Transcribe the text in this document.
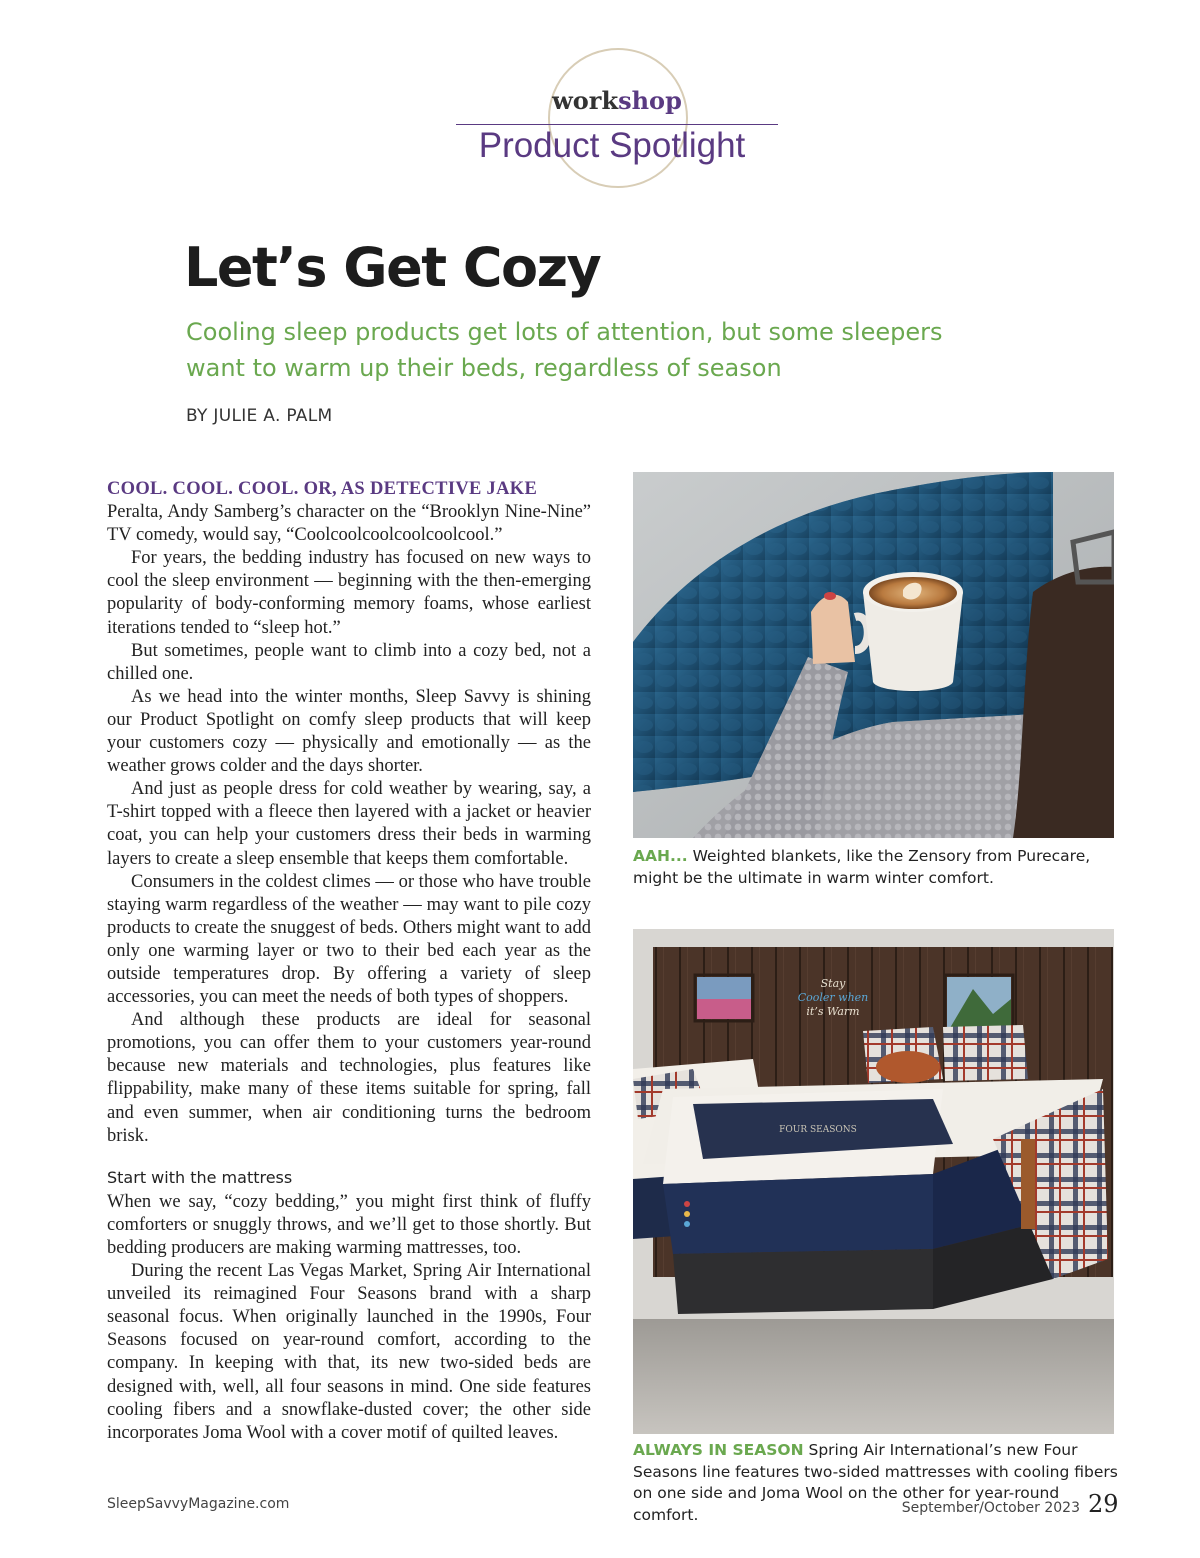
workshop
Product Spotlight
Let’s Get Cozy

Cooling sleep products get lots of attention, but some sleepers want to warm up their beds, regardless of season

BY JULIE A. PALM

COOL. COOL. COOL. OR, AS DETECTIVE JAKE
Peralta, Andy Samberg’s character on the “Brooklyn Nine-Nine” TV comedy, would say, “Coolcoolcoolcoolcoolcool.”

For years, the bedding industry has focused on new ways to cool the sleep environment — beginning with the then-emerging popularity of body-conforming memory foams, whose earliest iterations tended to “sleep hot.”

But sometimes, people want to climb into a cozy bed, not a chilled one.

As we head into the winter months, Sleep Savvy is shining our Product Spotlight on comfy sleep products that will keep your customers cozy — physically and emotionally — as the weather grows colder and the days shorter.

And just as people dress for cold weather by wearing, say, a T-shirt topped with a fleece then layered with a jacket or heavier coat, you can help your customers dress their beds in warming layers to create a sleep ensemble that keeps them comfortable.

Consumers in the coldest climes — or those who have trouble staying warm regardless of the weather — may want to pile cozy products to create the snuggest of beds. Others might want to add only one warming layer or two to their bed each year as the outside temperatures drop. By offering a variety of sleep accessories, you can meet the needs of both types of shoppers.

And although these products are ideal for seasonal promotions, you can offer them to your customers year-round because new materials and technologies, plus features like flippability, make many of these items suitable for spring, fall and even summer, when air conditioning turns the bedroom brisk.

Start with the mattress

When we say, “cozy bedding,” you might first think of fluffy comforters or snuggly throws, and we’ll get to those shortly. But bedding producers are making warming mattresses, too.

During the recent Las Vegas Market, Spring Air International unveiled its reimagined Four Seasons brand with a sharp seasonal focus. When originally launched in the 1990s, Four Seasons focused on year-round comfort, according to the company. In keeping with that, its new two-sided beds are designed with, well, all four seasons in mind. One side features cooling fibers and a snowflake-dusted cover; the other side incorporates Joma Wool with a cover motif of quilted leaves.

AAH... Weighted blankets, like the Zensory from Purecare, might be the ultimate in warm winter comfort.
Stay
Cooler when
it’s Warm
FOUR SEASONS
ALWAYS IN SEASON Spring Air International’s new Four Seasons line features two-sided mattresses with cooling fibers on one side and Joma Wool on the other for year-round comfort.
SleepSavvyMagazine.com	September/October 2023 29
